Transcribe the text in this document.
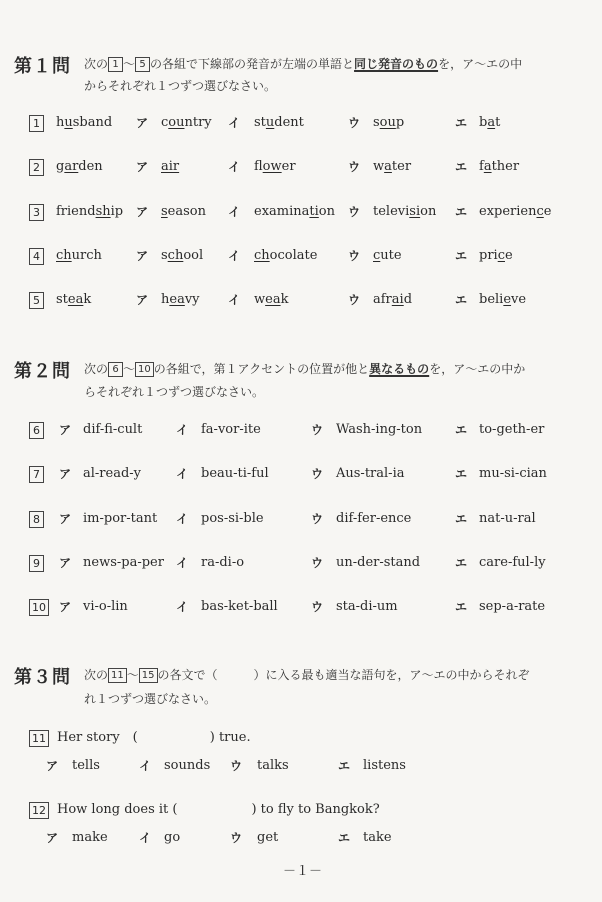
第１問 次の 1 ～ 5 の各組で下線部の発音が左端の単語と同じ発音のものを，ア～エの中
からそれぞれ１つずつ選びなさい。
1	husband ア country イ student	ウ soup	エ bat
2	garden	ア air	イ flower	ウ water	エ father
3	friendship ア season イ examination ウ television エ experience
4	church	ア school イ chocolate	ウ cute	エ price
5	steak	ア heavy イ weak	ウ afraid	エ believe
第２問 次の 6 ～ 10 の各組で，第１アクセントの位置が他と異なるものを，ア～エの中か
らそれぞれ１つずつ選びなさい。
6	ア dif-fi-cult	イ fa-vor-ite	ウ Wash-ing-ton	エ to-geth-er
7	ア al-read-y	イ beau-ti-ful	ウ Aus-tral-ia	エ mu-si-cian
8	ア im-por-tant イ pos-si-ble	ウ dif-fer-ence	エ nat-u-ral
9	ア news-pa-per イ ra-di-o	ウ un-der-stand	エ care-ful-ly
10 ア vi-o-lin	イ bas-ket-ball	ウ sta-di-um	エ sep-a-rate
第３問 次の 11 ～ 15 の各文で（　　　）に入る最も適当な語句を，ア～エの中からそれぞ
れ１つずつ選びなさい。
11 Her story　(	) true.
ア tells	イ sounds ウ talks	エ listens
12 How long does it (	) to fly to Bangkok?
ア make	イ go	ウ get	エ take
－１－
